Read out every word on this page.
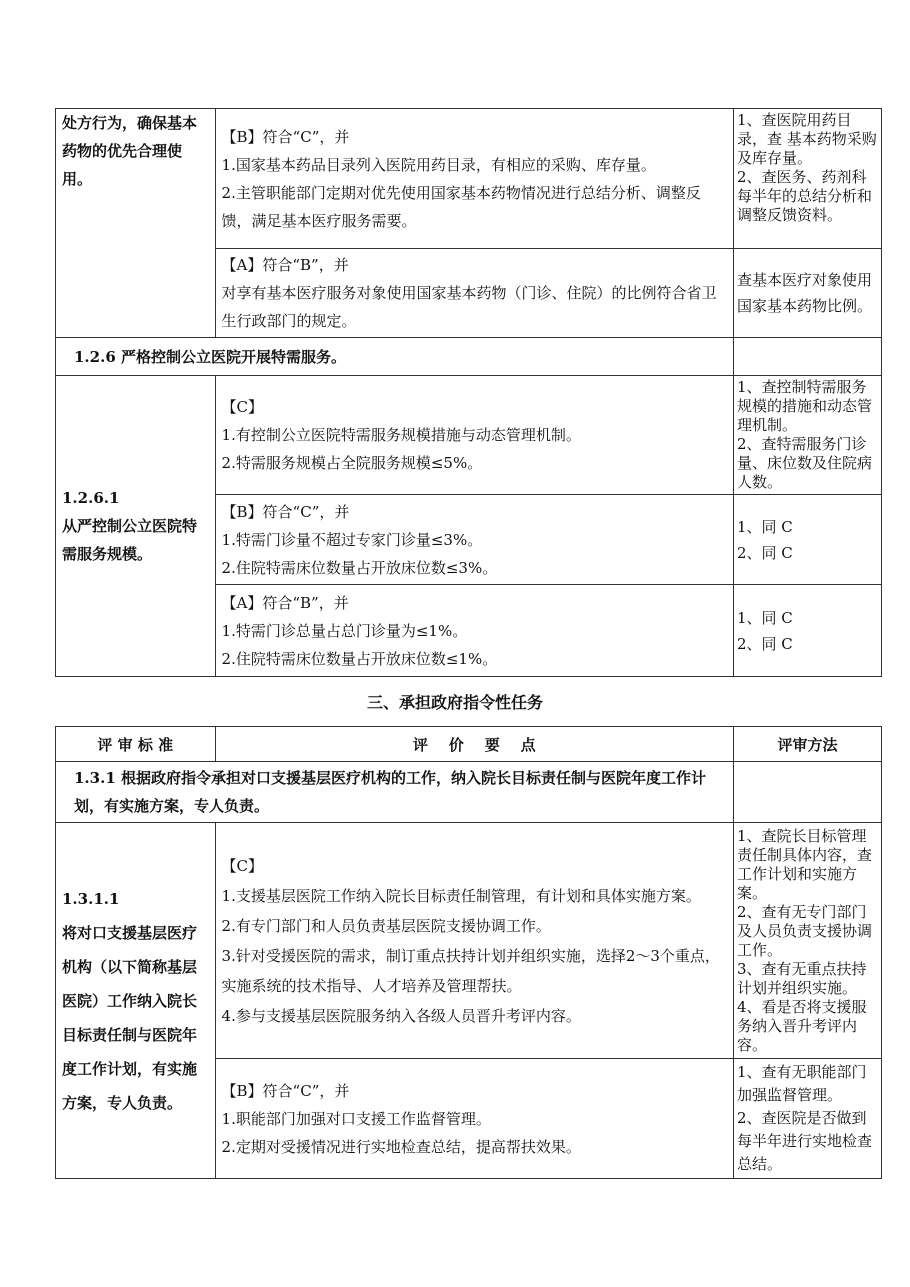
处方行为，确保基本药物的优先合理使用。	【B】符合“C”，并
1.国家基本药品目录列入医院用药目录，有相应的采购、库存量。
2.主管职能部门定期对优先使用国家基本药物情况进行总结分析、调整反馈，满足基本医疗服务需要。	1、查医院用药目录，查 基本药物采购及库存量。
2、查医务、药剂科每半年的总结分析和调整反馈资料。

	【A】符合“B”，并
对享有基本医疗服务对象使用国家基本药物（门诊、住院）的比例符合省卫生行政部门的规定。	查基本医疗对象使用国家基本药物比例。
1.2.6 严格控制公立医院开展特需服务。		

1.2.6.1
从严控制公立医院特需服务规模。	【C】
1.有控制公立医院特需服务规模措施与动态管理机制。
2.特需服务规模占全院服务规模≤5%。	1、查控制特需服务规模的措施和动态管理机制。
2、查特需服务门诊量、床位数及住院病人数。

	【B】符合“C”，并
1.特需门诊量不超过专家门诊量≤3%。
2.住院特需床位数量占开放床位数≤3%。	1、同 C
2、同 C

	【A】符合“B”，并
1.特需门诊总量占总门诊量为≤1%。
2.住院特需床位数量占开放床位数≤1%。	1、同 C
2、同 C
三、承担政府指令性任务
评 审 标 准	评    价    要    点	评审方法
1.3.1 根据政府指令承担对口支援基层医疗机构的工作，纳入院长目标责任制与医院年度工作计划，有实施方案，专人负责。		

1.3.1.1
将对口支援基层医疗机构（以下简称基层医院）工作纳入院长目标责任制与医院年度工作计划，有实施方案，专人负责。	【C】
1.支援基层医院工作纳入院长目标责任制管理，有计划和具体实施方案。
2.有专门部门和人员负责基层医院支援协调工作。
3.针对受援医院的需求，制订重点扶持计划并组织实施，选择2～3个重点，实施系统的技术指导、人才培养及管理帮扶。
4.参与支援基层医院服务纳入各级人员晋升考评内容。	1、查院长目标管理责任制具体内容，查工作计划和实施方案。
2、查有无专门部门及人员负责支援协调工作。
3、查有无重点扶持计划并组织实施。
4、看是否将支援服务纳入晋升考评内容。

	【B】符合“C”，并
1.职能部门加强对口支援工作监督管理。
2.定期对受援情况进行实地检查总结，提高帮扶效果。	1、查有无职能部门加强监督管理。
2、查医院是否做到每半年进行实地检查总结。
